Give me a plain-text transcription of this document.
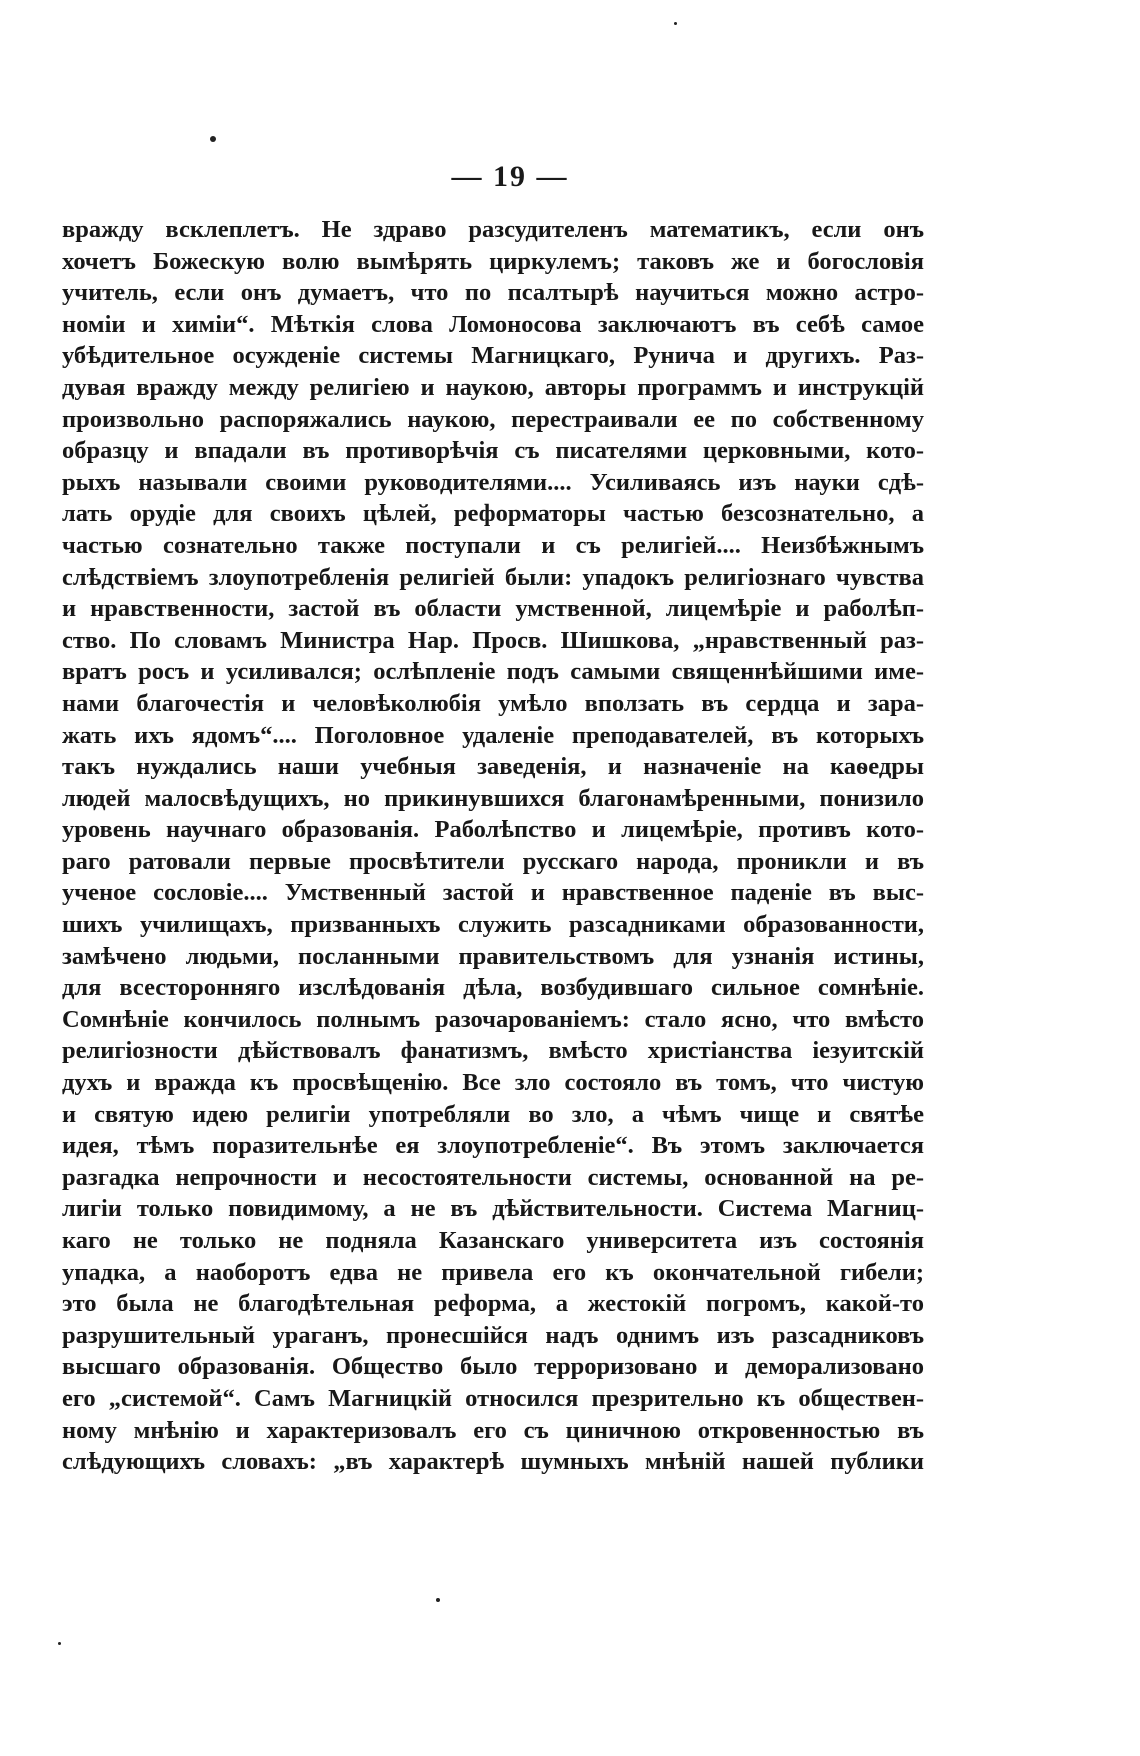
— 19 —
вражду всклеплетъ. Не здраво разсудителенъ математикъ, если онъ
хочетъ Божескую волю вымѣрять циркулемъ; таковъ же и богословія
учитель, если онъ думаетъ, что по псалтырѣ научиться можно астро-
номіи и химіи“. Мѣткія слова Ломоносова заключаютъ въ себѣ самое
убѣдительное осужденіе системы Магницкаго, Рунича и другихъ. Раз-
дувая вражду между религіею и наукою, авторы программъ и инструкцій
произвольно распоряжались наукою, перестраивали ее по собственному
образцу и впадали въ противорѣчія съ писателями церковными, кото-
рыхъ называли своими руководителями.... Усиливаясь изъ науки сдѣ-
лать орудіе для своихъ цѣлей, реформаторы частью безсознательно, а
частью сознательно также поступали и съ религіей.... Неизбѣжнымъ
слѣдствіемъ злоупотребленія религіей были: упадокъ религіознаго чувства
и нравственности, застой въ области умственной, лицемѣріе и раболѣп-
ство. По словамъ Министра Нар. Просв. Шишкова, „нравственный раз-
вратъ росъ и усиливался; ослѣпленіе подъ самыми священнѣйшими име-
нами благочестія и человѣколюбія умѣло вползать въ сердца и зара-
жать ихъ ядомъ“.... Поголовное удаленіе преподавателей, въ которыхъ
такъ нуждались наши учебныя заведенія, и назначеніе на каѳедры
людей малосвѣдущихъ, но прикинувшихся благонамѣренными, понизило
уровень научнаго образованія. Раболѣпство и лицемѣріе, противъ кото-
раго ратовали первые просвѣтители русскаго народа, проникли и въ
ученое сословіе.... Умственный застой и нравственное паденіе въ выс-
шихъ училищахъ, призванныхъ служить разсадниками образованности,
замѣчено людьми, посланными правительствомъ для узнанія истины,
для всесторонняго изслѣдованія дѣла, возбудившаго сильное сомнѣніе.
Сомнѣніе кончилось полнымъ разочарованіемъ: стало ясно, что вмѣсто
религіозности дѣйствовалъ фанатизмъ, вмѣсто христіанства іезуитскій
духъ и вражда къ просвѣщенію. Все зло состояло въ томъ, что чистую
и святую идею религіи употребляли во зло, а чѣмъ чище и святѣе
идея, тѣмъ поразительнѣе ея злоупотребленіе“. Въ этомъ заключается
разгадка непрочности и несостоятельности системы, основанной на ре-
лигіи только повидимому, а не въ дѣйствительности. Система Магниц-
каго не только не подняла Казанскаго университета изъ состоянія
упадка, а наоборотъ едва не привела его къ окончательной гибели;
это была не благодѣтельная реформа, а жестокій погромъ, какой-то
разрушительный ураганъ, пронесшійся надъ однимъ изъ разсадниковъ
высшаго образованія. Общество было терроризовано и деморализовано
его „системой“. Самъ Магницкій относился презрительно къ обществен-
ному мнѣнію и характеризовалъ его съ циничною откровенностью въ
слѣдующихъ словахъ: „въ характерѣ шумныхъ мнѣній нашей публики
